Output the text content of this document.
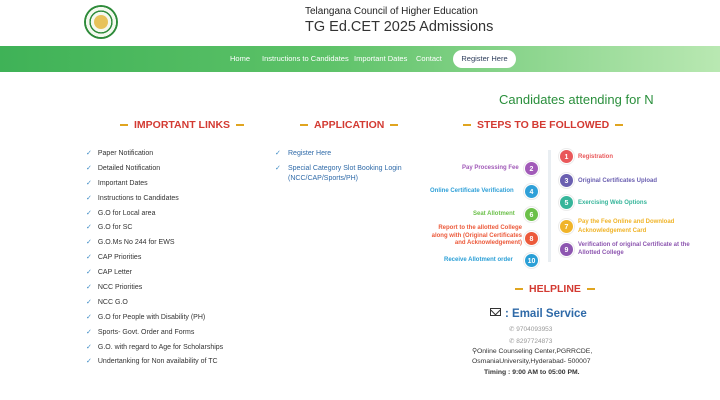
Telangana Council of Higher Education
TG Ed.CET 2025 Admissions
Home Instructions to Candidates Important Dates Contact	Register Here
Candidates attending for N
IMPORTANT LINKS	APPLICATION	STEPS TO BE FOLLOWED
✓ Paper Notification
✓ Detailed Notification
✓ Important Dates
✓ Instructions to Candidates
✓ G.O for Local area
✓ G.O for SC
✓ G.O.Ms No 244 for EWS
✓ CAP Priorities
✓ CAP Letter
✓ NCC Priorities
✓ NCC G.O
✓ G.O for People with Disability (PH)
✓ Sports- Govt. Order and Forms
✓ G.O. with regard to Age for Scholarships
✓ Undertanking for Non availability of TC
✓ Register Here
✓ Special Category Slot Booking Login (NCC/CAP/Sports/PH)
1	Registration
2
Pay Processing Fee
3	Original Certificates Upload
4
Online Certificate Verification
5	Exercising Web Options
6
Seat Allotment
7
Pay the Fee Online and Download Acknowledgement Card
8
Report to the allotted College along with (Original Certificates and Acknowledgement)
9
Verification of original Certificate at the Allotted College
10
Receive Allotment order
HELPLINE
: Email Service
✆ 9704093953
✆ 8297724873
⚲Online Counseling Center,PGRRCDE,
OsmaniaUniversity,Hyderabad- 500007
Timing : 9:00 AM to 05:00 PM.
